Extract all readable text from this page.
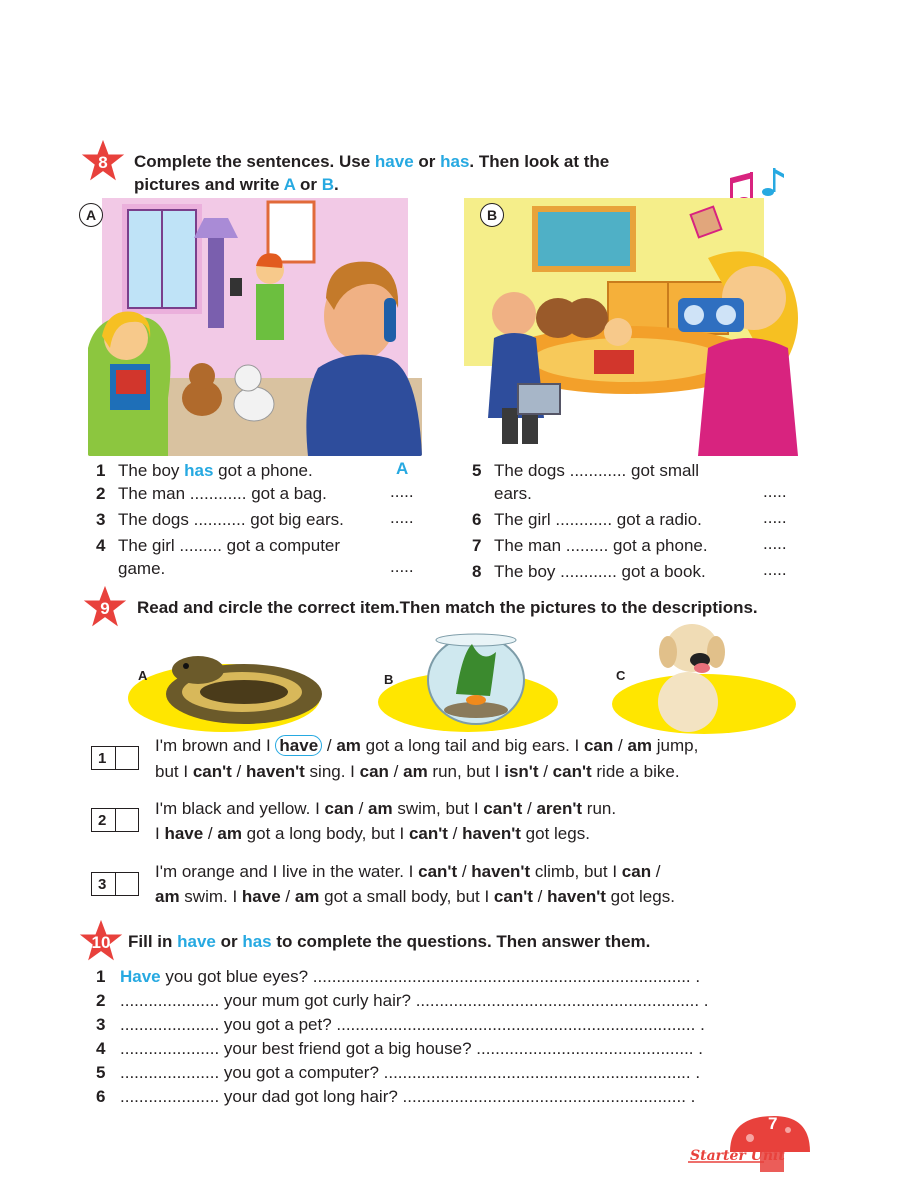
8	Complete the sentences. Use have or has. Then look at the
pictures and write A or B.
A	B
1 The boy has got a phone.	A
2 The man ............ got a bag.	.....
3 The dogs ........... got big ears.	.....
4 The girl ......... got a computer
game.	.....
5 The dogs ............ got small
ears.	.....
6 The girl ............ got a radio.	.....
7 The man ......... got a phone.	.....
8 The boy ............ got a book.	.....
9	Read and circle the correct item.Then match the pictures to the descriptions.
A	B	C
1
I'm brown and I have / am got a long tail and big ears. I can / am jump,
but I can't / haven't sing. I can / am run, but I isn't / can't ride a bike.
2
I'm black and yellow. I can / am swim, but I can't / aren't run.
I have / am got a long body, but I can't / haven't got legs.
3
I'm orange and I live in the water. I can't / haven't climb, but I can /
am swim. I have / am got a small body, but I can't / haven't got legs.
10	Fill in have or has to complete the questions. Then answer them.
1 Have you got blue eyes? ................................................................................ .
2 ..................... your mum got curly hair? ............................................................ .
3 ..................... you got a pet? ............................................................................ .
4 ..................... your best friend got a big house? .............................................. .
5 ..................... you got a computer? ................................................................. .
6 ..................... your dad got long hair? ............................................................ .
7
Starter Unit
